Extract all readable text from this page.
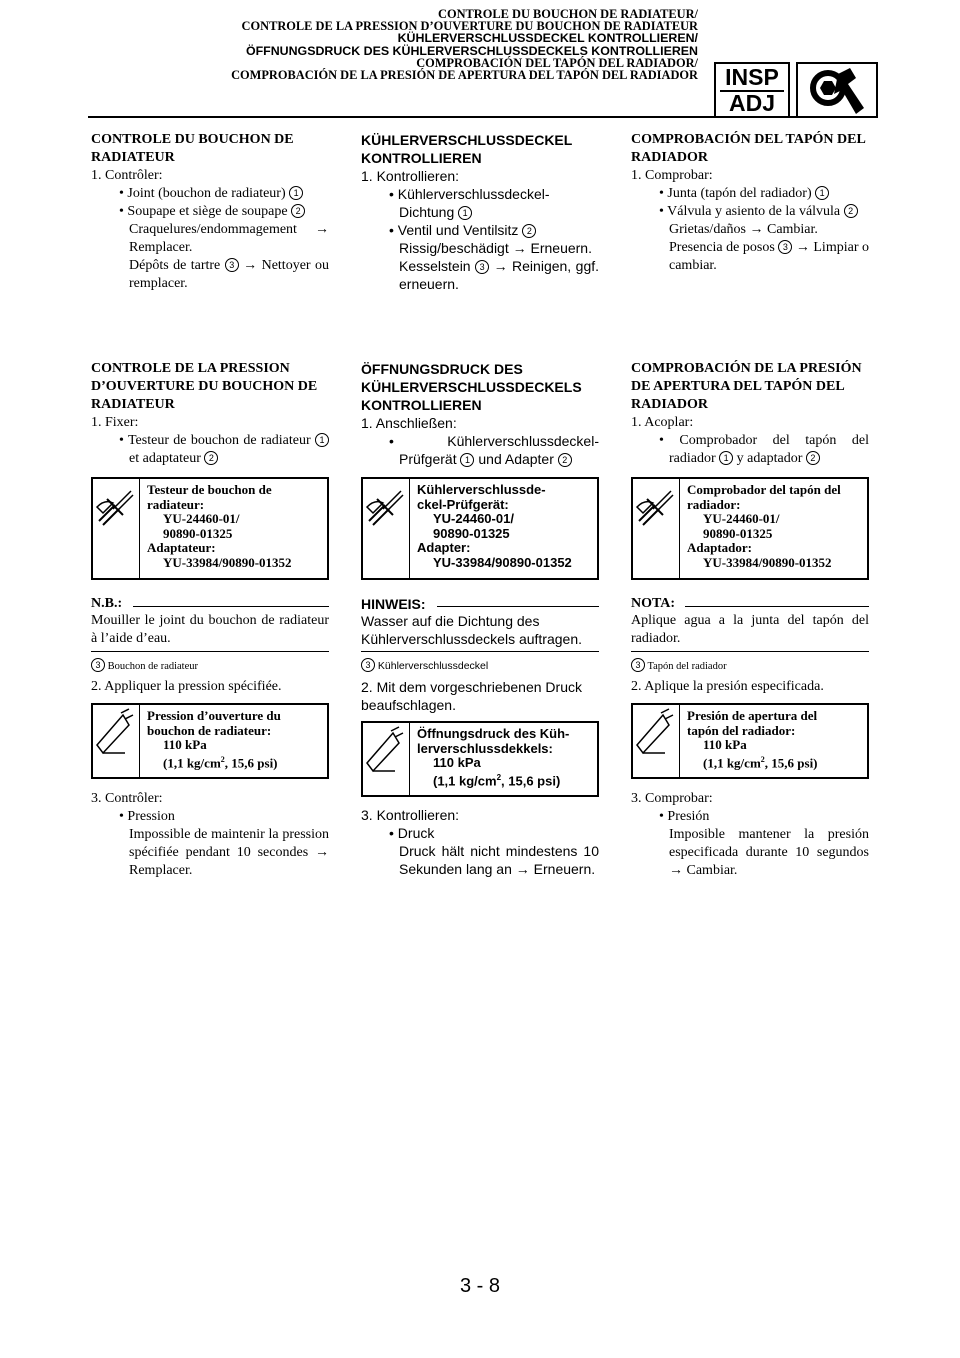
CONTROLE DU BOUCHON DE RADIATEUR/
CONTROLE DE LA PRESSION D’OUVERTURE DU BOUCHON DE RADIATEUR
KÜHLERVERSCHLUSSDECKEL KONTROLLIEREN/
ÖFFNUNGSDRUCK DES KÜHLERVERSCHLUSSDECKELS KONTROLLIEREN
COMPROBACIÓN DEL TAPÓN DEL RADIADOR/
COMPROBACIÓN DE LA PRESIÓN DE APERTURA DEL TAPÓN DEL RADIADOR	INSP
ADJ
CONTROLE DU BOUCHON DE RADIATEUR
1. Contrôler:
• Joint (bouchon de radiateur) 1
• Soupape et siège de soupape 2
Craquelures/endommagement → Remplacer.
Dépôts de tartre 3 → Nettoyer ou remplacer.
CONTROLE DE LA PRESSION D’OUVERTURE DU BOUCHON DE RADIATEUR
1. Fixer:
• Testeur de bouchon de radiateur 1 et adaptateur 2
Testeur de bouchon de
radiateur:
YU-24460-01/
90890-01325
Adaptateur:
YU-33984/90890-01352
N.B.:
Mouiller le joint du bouchon de radiateur à l’aide d’eau.
3 Bouchon de radiateur
2. Appliquer la pression spécifiée.
Pression d’ouverture du
bouchon de radiateur:
110 kPa
(1,1 $kg/cm^2$, 15,6 psi)
3. Contrôler:
• Pression
Impossible de maintenir la pression spécifiée pendant 10 secondes → Remplacer.
KÜHLERVERSCHLUSSDECKEL KONTROLLIEREN
1. Kontrollieren:
• Kühlerverschlussdeckel-Dichtung 1
• Ventil und Ventilsitz 2
Rissig/beschädigt → Erneuern.
Kesselstein 3 → Reinigen, ggf. erneuern.
ÖFFNUNGSDRUCK DES KÜHLERVERSCHLUSSDECKELS KONTROLLIEREN
1. Anschließen:
• Kühlerverschlussdeckel-Prüfgerät 1 und Adapter 2
Kühlerverschlussde-
ckel-Prüfgerät:
YU-24460-01/
90890-01325
Adapter:
YU-33984/90890-01352
HINWEIS:
Wasser auf die Dichtung des Kühlerverschlussdeckels auftragen.
3 Kühlerverschlussdeckel
2. Mit dem vorgeschriebenen Druck beaufschlagen.
Öffnungsdruck des Küh-
lerverschlussdekkels:
110 kPa
(1,1 $kg/cm^2$, 15,6 psi)
3. Kontrollieren:
• Druck
Druck hält nicht mindestens 10 Sekunden lang an → Erneuern.
COMPROBACIÓN DEL TAPÓN DEL RADIADOR
1. Comprobar:
• Junta (tapón del radiador) 1
• Válvula y asiento de la válvula 2
Grietas/daños → Cambiar.
Presencia de posos 3 → Limpiar o cambiar.
COMPROBACIÓN DE LA PRESIÓN DE APERTURA DEL TAPÓN DEL RADIADOR
1. Acoplar:
• Comprobador del tapón del radiador 1 y adaptador 2
Comprobador del tapón del
radiador:
YU-24460-01/
90890-01325
Adaptador:
YU-33984/90890-01352
NOTA:
Aplique agua a la junta del tapón del radiador.
3 Tapón del radiador
2. Aplique la presión especificada.
Presión de apertura del
tapón del radiador:
110 kPa
(1,1 $kg/cm^2$, 15,6 psi)
3. Comprobar:
• Presión
Imposible mantener la presión especificada durante 10 segundos → Cambiar.
3 - 8
